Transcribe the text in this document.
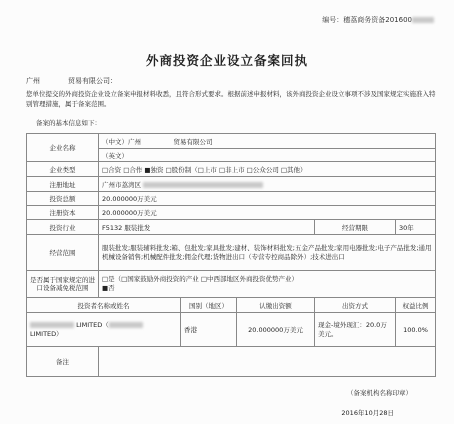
编号：穗荔商务资备201600
外商投资企业设立备案回执
广州　　　　贸易有限公司：
您单位提交的外商投资企业设立备案申报材料收悉，且符合形式要求。根据前述申报材料，该外商投资企业设立事项不涉及国家规定实施准入特别管理措施，属于备案范围。
备案的基本信息如下：
企业名称	（中文）广州　　　　　贸易有限公司				
	（英文）				
企业类型	□合资 □合作 ■独资 □股份制（□上市 □非上市 □公众公司 □其他）				
注册地址	广州市荔湾区				
投资总额	20.000000万美元				
注册资本	20.000000万美元				
投资行业	F5132 服装批发			经营期限	30年
经营范围	服装批发;服装辅料批发;箱、包批发;家具批发;建材、装饰材料批发;五金产品批发;家用电器批发;电子产品批发;通用机械设备销售;机械配件批发;佣金代理;货物进出口（专营专控商品除外）;技术进出口				
是否属于国家规定的进口设备减免税范围	□是（□国家鼓励外商投资的产业 □中西部地区外商投资优势产业）
■否				

投资者名称或姓名		国别（地区）	认缴出资额	出资方式	权益比例

LIMITED（
LIMITED）		香港	20.000000万美元	现金-境外现汇：20.0万美元。	100.0%
备注					
（备案机构名称印章）
2016年10月28日
